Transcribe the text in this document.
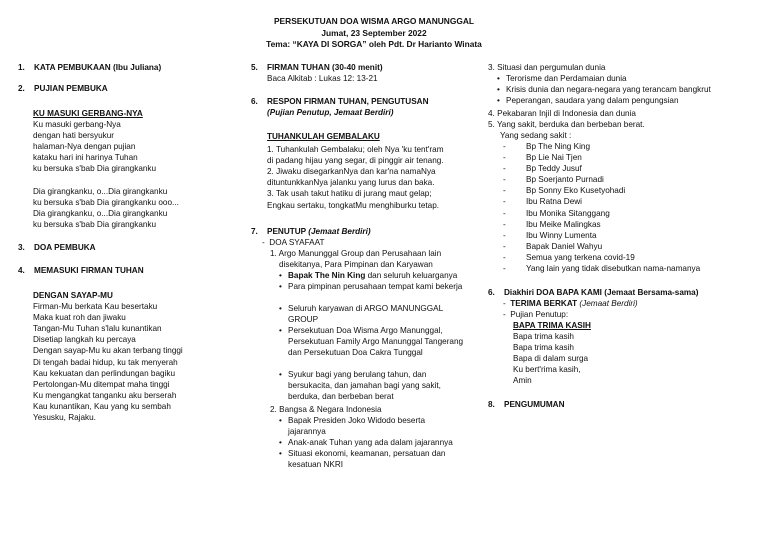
PERSEKUTUAN DOA WISMA ARGO MANUNGGAL
Jumat, 23 September 2022
Tema: “KAYA DI SORGA” oleh Pdt. Dr Harianto Winata
1. KATA PEMBUKAAN (Ibu Juliana)
2. PUJIAN PEMBUKA
KU MASUKI GERBANG-NYA
Ku masuki gerbang-Nya
dengan hati bersyukur
halaman-Nya dengan pujian
kataku hari ini harinya Tuhan
ku bersuka s'bab Dia girangkanku
Dia girangkanku, o...Dia girangkanku
ku bersuka s'bab Dia girangkanku ooo...
Dia girangkanku, o...Dia girangkanku
ku bersuka s'bab Dia girangkanku
3. DOA PEMBUKA
4. MEMASUKI FIRMAN TUHAN
DENGAN SAYAP-MU
Firman-Mu berkata Kau besertaku
Maka kuat roh dan jiwaku
Tangan-Mu Tuhan s'lalu kunantikan
Disetiap langkah ku percaya
Dengan sayap-Mu ku akan terbang tinggi
Di tengah badai hidup, ku tak menyerah
Kau kekuatan dan perlindungan bagiku
Pertolongan-Mu ditempat maha tinggi
Ku mengangkat tanganku aku berserah
Kau kunantikan, Kau yang ku sembah
Yesusku, Rajaku.
5. FIRMAN TUHAN (30-40 menit)
Baca Alkitab : Lukas 12: 13-21
6. RESPON FIRMAN TUHAN, PENGUTUSAN
(Pujian Penutup, Jemaat Berdiri)
TUHANKULAH GEMBALAKU
1. Tuhankulah Gembalaku; oleh Nya 'ku tent'ram
di padang hijau yang segar, di pinggir air tenang.
2. Jiwaku disegarkanNya dan kar'na namaNya
dituntunkkanNya jalanku yang lurus dan baka.
3. Tak usah takut hatiku di jurang maut gelap;
Engkau sertaku, tongkatMu menghiburku tetap.
7. PENUTUP (Jemaat Berdiri)
-  DOA SYAFAAT
1. Argo Manunggal Group dan Perusahaan lain
disekitanya, Para Pimpinan dan Karyawan
• Bapak The Nin King dan seluruh keluarganya
• Para pimpinan perusahaan tempat kami bekerja
• Seluruh karyawan di ARGO MANUNGGAL GROUP
• Persekutuan Doa Wisma Argo Manunggal, Persekutuan Family Argo Manunggal Tangerang dan Persekutuan Doa Cakra Tunggal
• Syukur bagi yang berulang tahun, dan bersukacita, dan jamahan bagi yang sakit, berduka, dan berbeban berat
2. Bangsa & Negara Indonesia
• Bapak Presiden Joko Widodo beserta jajarannya
• Anak-anak Tuhan yang ada dalam jajarannya
• Situasi ekonomi, keamanan, persatuan dan kesatuan NKRI
3. Situasi dan pergumulan dunia
• Terorisme dan Perdamaian dunia
• Krisis dunia dan negara-negara yang terancam bangkrut
• Peperangan, saudara yang dalam pengungsian
4. Pekabaran Injil di Indonesia dan dunia
5. Yang sakit, berduka dan berbeban berat.
Yang sedang sakit :
- Bp The Ning King
- Bp Lie Nai Tjen
- Bp Teddy Jusuf
- Bp Soerjanto Purnadi
- Bp Sonny Eko Kusetyohadi
- Ibu Ratna Dewi
- Ibu Monika Sitanggang
- Ibu Meike Malingkas
- Ibu Winny Lumenta
- Bapak Daniel Wahyu
- Semua yang terkena covid-19
- Yang lain yang tidak disebutkan nama-namanya
6. Diakhiri DOA BAPA KAMI (Jemaat Bersama-sama)
-  TERIMA BERKAT (Jemaat Berdiri)
-  Pujian Penutup:
BAPA TRIMA KASIH
Bapa trima kasih
Bapa trima kasih
Bapa di dalam surga
Ku bert'rima kasih,
Amin
8. PENGUMUMAN
